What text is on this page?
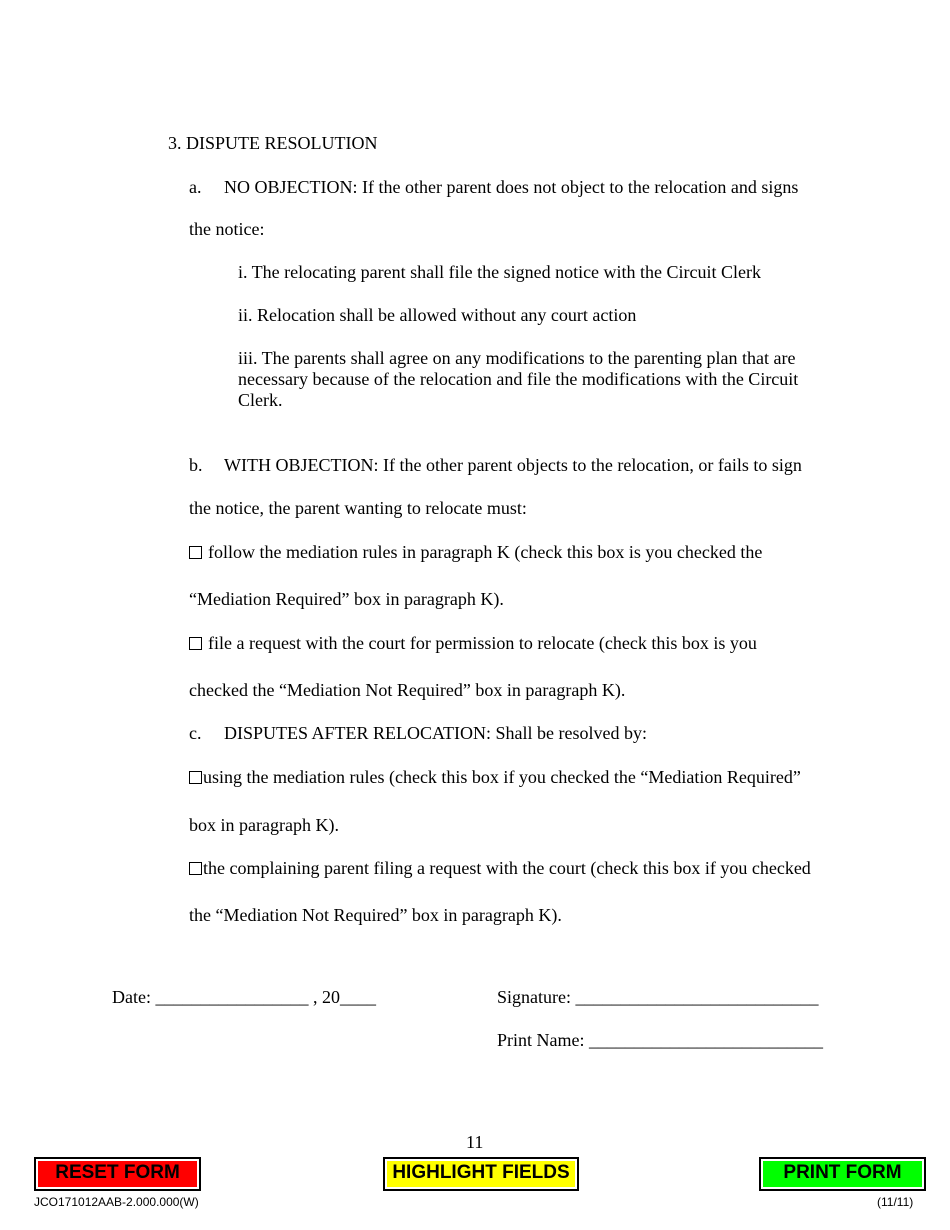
3. DISPUTE RESOLUTION
a. NO OBJECTION: If the other parent does not object to the relocation and signs
the notice:
i. The relocating parent shall file the signed notice with the Circuit Clerk
ii. Relocation shall be allowed without any court action
iii. The parents shall agree on any modifications to the parenting plan that are necessary because of the relocation and file the modifications with the Circuit Clerk.
b. WITH OBJECTION: If the other parent objects to the relocation, or fails to sign
the notice, the parent wanting to relocate must:
follow the mediation rules in paragraph K (check this box is you checked the
“Mediation Required” box in paragraph K).
file a request with the court for permission to relocate (check this box is you
checked the “Mediation Not Required” box in paragraph K).
c. DISPUTES AFTER RELOCATION: Shall be resolved by:
using the mediation rules (check this box if you checked the “Mediation Required”
box in paragraph K).
the complaining parent filing a request with the court (check this box if you checked
the “Mediation Not Required” box in paragraph K).
Date: _________________ , 20____	Signature: ___________________________
Print Name: __________________________
11
RESET FORM	HIGHLIGHT FIELDS	PRINT FORM
JCO171012AAB-2.000.000(W)	(11/11)
